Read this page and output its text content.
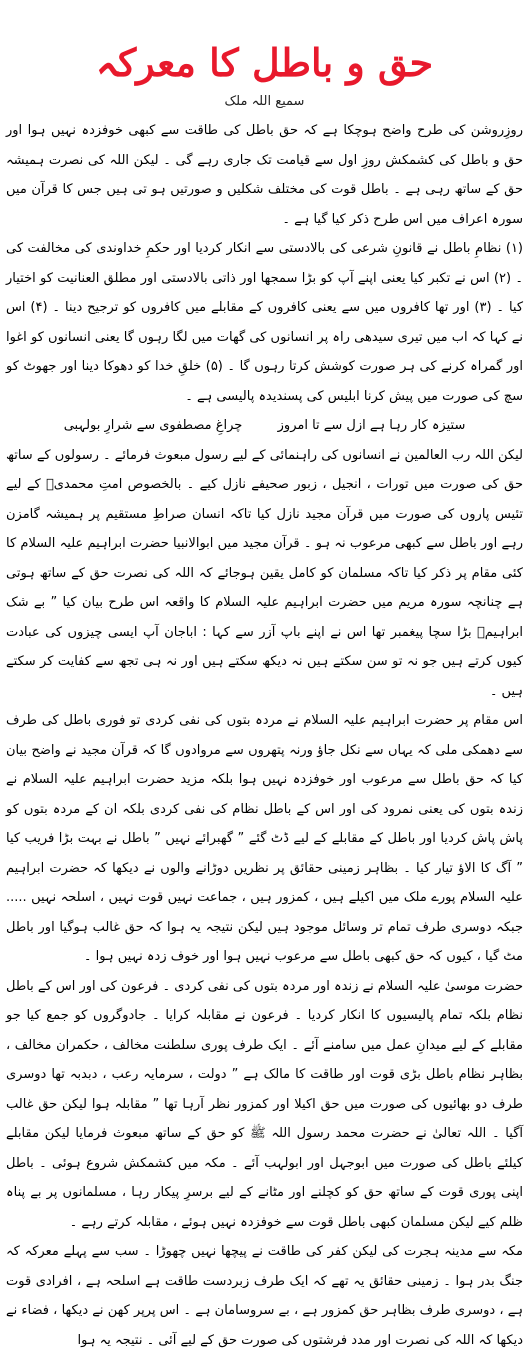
حق و باطل کا معرکہ
سمیع اللہ ملک

روزِروشن کی طرح واضح ہوچکا ہے کہ حق باطل کی طاقت سے کبھی خوفزدہ نہیں ہوا اور حق و باطل کی کشمکش روزِ اول سے قیامت تک جاری رہے گی ۔ لیکن اللہ کی نصرت ہمیشہ حق کے ساتھ رہی ہے ۔ باطل قوت کی مختلف شکلیں و صورتیں ہو تی ہیں جس کا قرآن میں سورہ اعراف میں اس طرح ذکر کیا گیا ہے ۔

(۱) نظامِ باطل نے قانونِ شرعی کی بالادستی سے انکار کردیا اور حکمِ خداوندی کی مخالفت کی ۔ (۲) اس نے تکبر کیا یعنی اپنے آپ کو بڑا سمجھا اور ذاتی بالادستی اور مطلق العنانیت کو اختیار کیا ۔ (۳) اور تھا کافروں میں سے یعنی کافروں کے مقابلے میں کافروں کو ترجیح دینا ۔ (۴) اس نے کہا کہ اب میں تیری سیدھی راہ پر انسانوں کی گھات میں لگا رہوں گا یعنی انسانوں کو اغوا اور گمراہ کرنے کی ہر صورت کوشش کرتا رہوں گا ۔ (۵) خلقِ خدا کو دھوکا دینا اور جھوٹ کو سچ کی صورت میں پیش کرنا ابلیس کی پسندیدہ پالیسی ہے ۔

ستیزہ کار رہا ہے ازل سے تا امروز
چراغِ مصطفوی سے شرارِ بولہبی

لیکن اللہ رب العالمین نے انسانوں کی راہنمائی کے لیے رسول مبعوث فرمائے ۔ رسولوں کے ساتھ حق کی صورت میں تورات ، انجیل ، زبور صحیفے نازل کیے ۔ بالخصوص امتِ محمدیؐ کے لیے تئیس پاروں کی صورت میں قرآن مجید نازل کیا تاکہ انسان صراطِ مستقیم پر ہمیشہ گامزن رہے اور باطل سے کبھی مرعوب نہ ہو ۔ قرآن مجید میں ابوالانبیا حضرت ابراہیم علیہ السلام کا کئی مقام پر ذکر کیا تاکہ مسلمان کو کامل یقین ہوجائے کہ اللہ کی نصرت حق کے ساتھ ہوتی ہے چنانچہ سورہ مریم میں حضرت ابراہیم علیہ السلام کا واقعہ اس طرح بیان کیا ” بے شک ابراہیمؑ بڑا سچا پیغمبر تھا اس نے اپنے باپ آزر سے کہا : اباجان آپ ایسی چیزوں کی عبادت کیوں کرتے ہیں جو نہ تو سن سکتے ہیں نہ دیکھ سکتے ہیں اور نہ ہی تجھ سے کفایت کر سکتے ہیں ۔

اس مقام پر حضرت ابراہیم علیہ السلام نے مردہ بتوں کی نفی کردی تو فوری باطل کی طرف سے دھمکی ملی کہ یہاں سے نکل جاؤ ورنہ پتھروں سے مروادوں گا کہ قرآن مجید نے واضح بیان کیا کہ حق باطل سے مرعوب اور خوفزدہ نہیں ہوا بلکہ مزید حضرت ابراہیم علیہ السلام نے زندہ بتوں کی یعنی نمرود کی اور اس کے باطل نظام کی نفی کردی بلکہ ان کے مردہ بتوں کو پاش پاش کردیا اور باطل کے مقابلے کے لیے ڈٹ گئے ” گھبرائے نہیں ” باطل نے بہت بڑا فریب کیا ” آگ کا الاؤ تیار کیا ۔ بظاہر زمینی حقائق پر نظریں دوڑانے والوں نے دیکھا کہ حضرت ابراہیم علیہ السلام پورے ملک میں اکیلے ہیں ، کمزور ہیں ، جماعت نہیں قوت نہیں ، اسلحہ نہیں ..... جبکہ دوسری طرف تمام تر وسائل موجود ہیں لیکن نتیجہ یہ ہوا کہ حق غالب ہوگیا اور باطل مٹ گیا ، کیوں کہ حق کبھی باطل سے مرعوب نہیں ہوا اور خوف زدہ نہیں ہوا ۔

حضرت موسیٰ علیہ السلام نے زندہ اور مردہ بتوں کی نفی کردی ۔ فرعون کی اور اس کے باطل نظام بلکہ تمام پالیسیوں کا انکار کردیا ۔ فرعون نے مقابلہ کرایا ۔ جادوگروں کو جمع کیا جو مقابلے کے لیے میدانِ عمل میں سامنے آئے ۔ ایک طرف پوری سلطنت مخالف ، حکمران مخالف ، بظاہر نظام باطل بڑی قوت اور طاقت کا مالک ہے ” دولت ، سرمایہ رعب ، دبدبہ تھا دوسری طرف دو بھائیوں کی صورت میں حق اکیلا اور کمزور نظر آرہا تھا ” مقابلہ ہوا لیکن حق غالب آگیا ۔ اللہ تعالیٰ نے حضرت محمد رسول اللہ ﷺ کو حق کے ساتھ مبعوث فرمایا لیکن مقابلے کیلئے باطل کی صورت میں ابوجہل اور ابولہب آئے ۔ مکہ میں کشمکش شروع ہوئی ۔ باطل اپنی پوری قوت کے ساتھ حق کو کچلنے اور مٹانے کے لیے برسرِ پیکار رہا ، مسلمانوں پر بے پناہ ظلم کیے لیکن مسلمان کبھی باطل قوت سے خوفزدہ نہیں ہوئے ، مقابلہ کرتے رہے ۔

مکہ سے مدینہ ہجرت کی لیکن کفر کی طاقت نے پیچھا نہیں چھوڑا ۔ سب سے پہلے معرکہ کہ جنگ بدر ہوا ۔ زمینی حقائق یہ تھے کہ ایک طرف زبردست طاقت ہے اسلحہ ہے ، افرادی قوت ہے ، دوسری طرف بظاہر حق کمزور ہے ، بے سروسامان ہے ۔ اس پرپر کھن نے دیکھا ، فضاء نے دیکھا کہ اللہ کی نصرت اور مدد فرشتوں کی صورت حق کے لیے آئی ۔ نتیجہ یہ ہوا
